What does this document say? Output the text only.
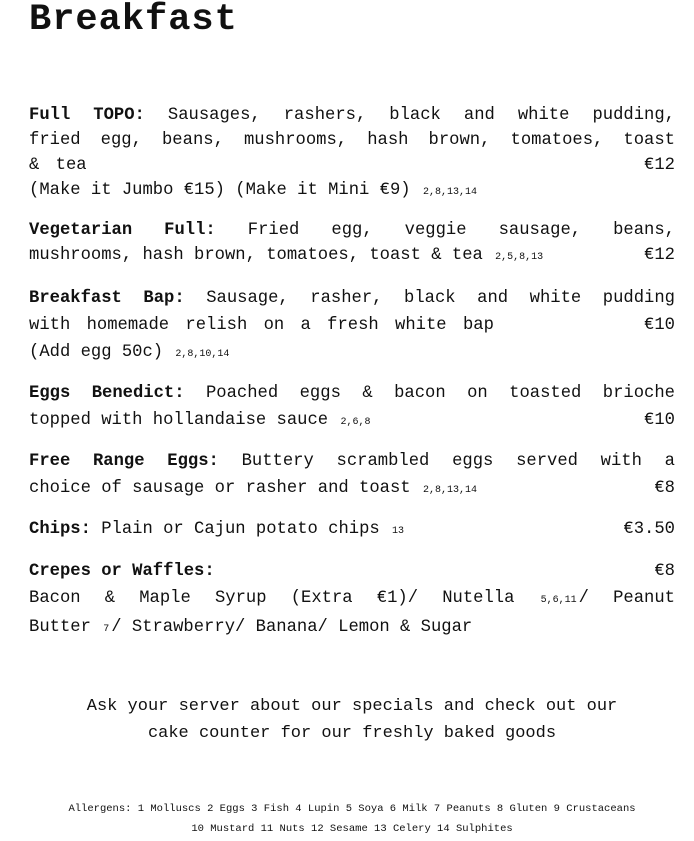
Breakfast
Full TOPO: Sausages, rashers, black and white pudding,
fried egg, beans, mushrooms, hash brown, tomatoes, toast
& tea	€12
(Make it Jumbo €15) (Make it Mini €9) 2,8,13,14
Vegetarian Full: Fried egg, veggie sausage, beans,
mushrooms, hash brown, tomatoes, toast & tea 2,5,8,13	€12
Breakfast Bap: Sausage, rasher, black and white pudding
with homemade relish on a fresh white bap	€10
(Add egg 50c) 2,8,10,14
Eggs Benedict: Poached eggs & bacon on toasted brioche
topped with hollandaise sauce 2,6,8	€10
Free Range Eggs: Buttery scrambled eggs served with a
choice of sausage or rasher and toast 2,8,13,14	€8
Chips: Plain or Cajun potato chips 13	€3.50
Crepes or Waffles:	€8
Bacon & Maple Syrup (Extra €1)/ Nutella	5,6,11 / Peanut
Butter 7 / Strawberry/ Banana/ Lemon & Sugar
Ask your server about our specials and check out our
cake counter for our freshly baked goods
Allergens: 1 Molluscs 2 Eggs 3 Fish 4 Lupin 5 Soya 6 Milk 7 Peanuts 8 Gluten 9 Crustaceans
10 Mustard 11 Nuts 12 Sesame 13 Celery 14 Sulphites
